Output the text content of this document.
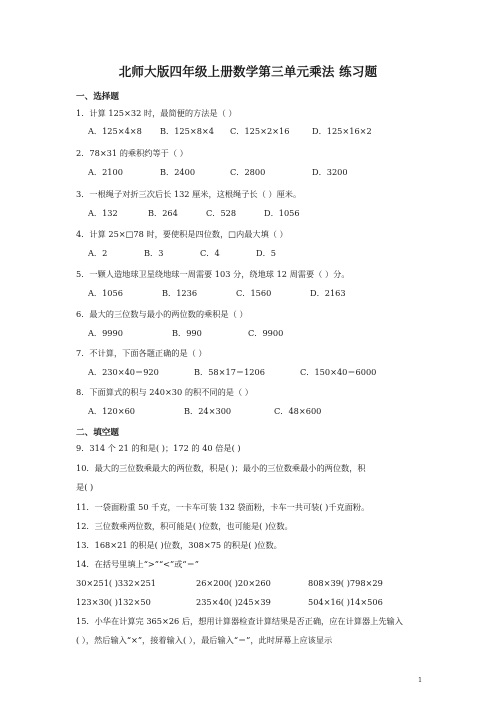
北师大版四年级上册数学第三单元乘法 练习题
一、选择题
1．计算 125×32 时，最简便的方法是（ ）
A．125×4×8 B．125×8×4 C．125×2×16	D．125×16×2
2．78×31 的乘积约等于（ ）
A．2100	B．2400	C．2800	D．3200
3．一根绳子对折三次后长 132 厘米，这根绳子长（ ）厘米。
A．132	B．264	C．528	D．1056
4．计算 25×□78 时，要使积是四位数，□内最大填（ ）
A．2	B．3	C．4	D．5
5．一颗人造地球卫星绕地球一周需要 103 分，绕地球 12 周需要（ ）分。
A．1056	B．1236	C．1560	D．2163
6．最大的三位数与最小的两位数的乘积是（ ）
A．9990	B．990	C．9900
7．不计算，下面各题正确的是（ ）
A．230×40＝920	B．58×17＝1206	C．150×40＝6000
8．下面算式的积与 240×30 的积不同的是（ ）
A．120×60	B．24×300	C．48×600
二、填空题
9．314 个 21 的和是( )；172 的 40 倍是( )
10．最大的三位数乘最大的两位数，积是( )；最小的三位数乘最小的两位数，积
是( )
11．一袋面粉重 50 千克，一卡车可装 132 袋面粉，卡车一共可装( )千克面粉。
12．三位数乘两位数，积可能是( )位数，也可能是( )位数。
13．168×21 的积是( )位数，308×75 的积是( )位数。
14．在括号里填上“>”“<”或“＝”
30×251( )332×251	26×200( )20×260	808×39( )798×29
123×30( )132×50	235×40( )245×39	504×16( )14×506
15．小华在计算完 365×26 后，想用计算器检查计算结果是否正确，应在计算器上先输入
( ），然后输入“×”，接着输入( ），最后输入“＝”，此时屏幕上应该显示
1
